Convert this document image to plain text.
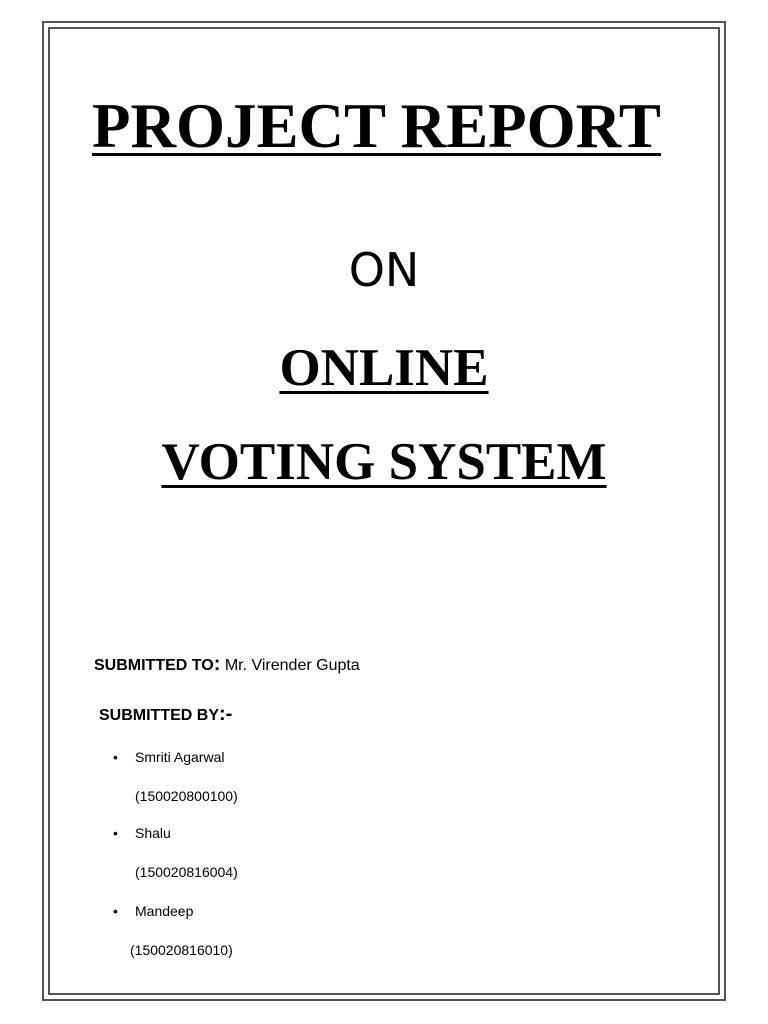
PROJECT REPORT
ON
ONLINE
VOTING SYSTEM
SUBMITTED TO: Mr. Virender Gupta
SUBMITTED BY:-
• Smriti Agarwal
(150020800100)
• Shalu
(150020816004)
• Mandeep
(150020816010)
